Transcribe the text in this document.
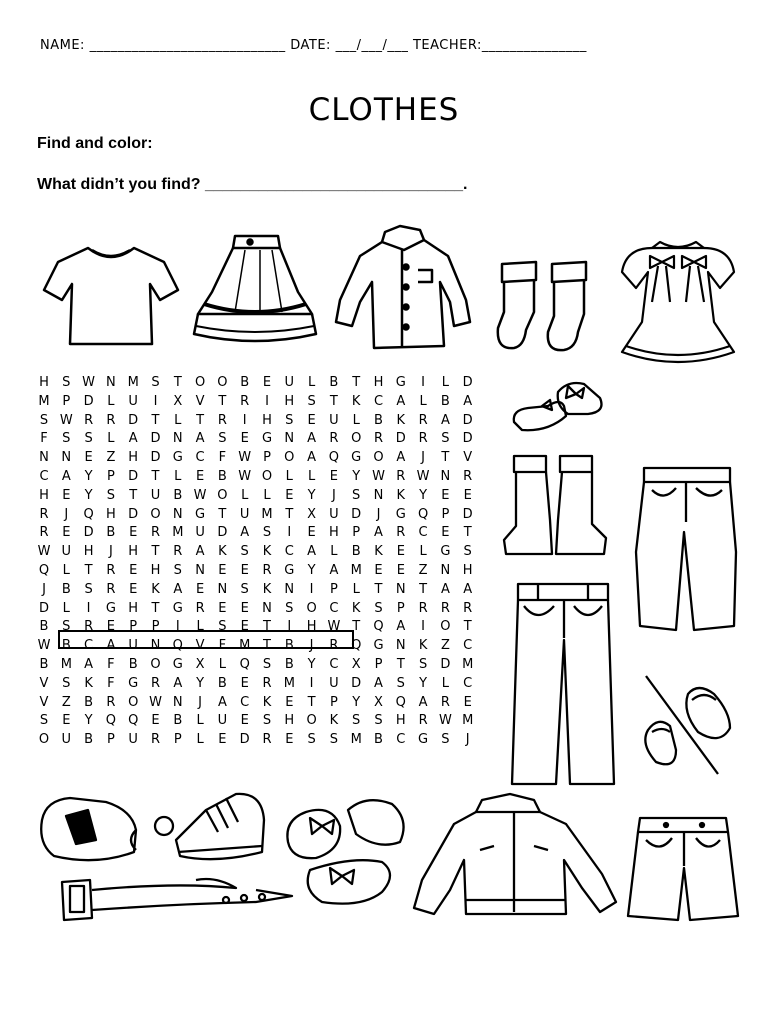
NAME: ____________________________ DATE: ___/___/___ TEACHER:_______________
CLOTHES
Find and color:
What didn’t you find? _____________________________.
H S W N M S T O O B E U L B T H G	I	L D
M P D L U	I	X V T R	I	H S T K C A L B A
S W R R D T L T R	I	H S E U L B K R A D
F S S L A D N A S E G N A R O R D R S D
N N E Z H D G C F W P O A Q G O A	J	T V
C A Y P D T L E B W O L L E Y W R W N R
H E Y S T U B W O L L E Y	J	S N K Y E E
R	J	Q H D O N G T U M T X U D	J	G Q P D
R E D B E R M U D A S	I	E H P A R C E T
W U H	J	H T R A K S K C A L B K E L G S
Q L T R E H S N E E R G Y A M E E Z N H
J	B S R E K A E N S K N	I	P L T N T A A
D L	I	G H T G R E E N S O C K S P R R R
B S R E P P	I	L S E T	I	H W T Q A	I	O T
W B C A U N Q V F M T B	J	R Q G N K Z C
B M A F B O G X L Q S B Y C X P T S D M
V S K F G R A Y B E R M	I	U D A S Y L C
V Z B R O W N	J	A C K E T P Y X Q A R E
S E Y Q Q E B L U E S H O K S S H R W M
O U B P U R P L E D R E S S M B C G S	J
